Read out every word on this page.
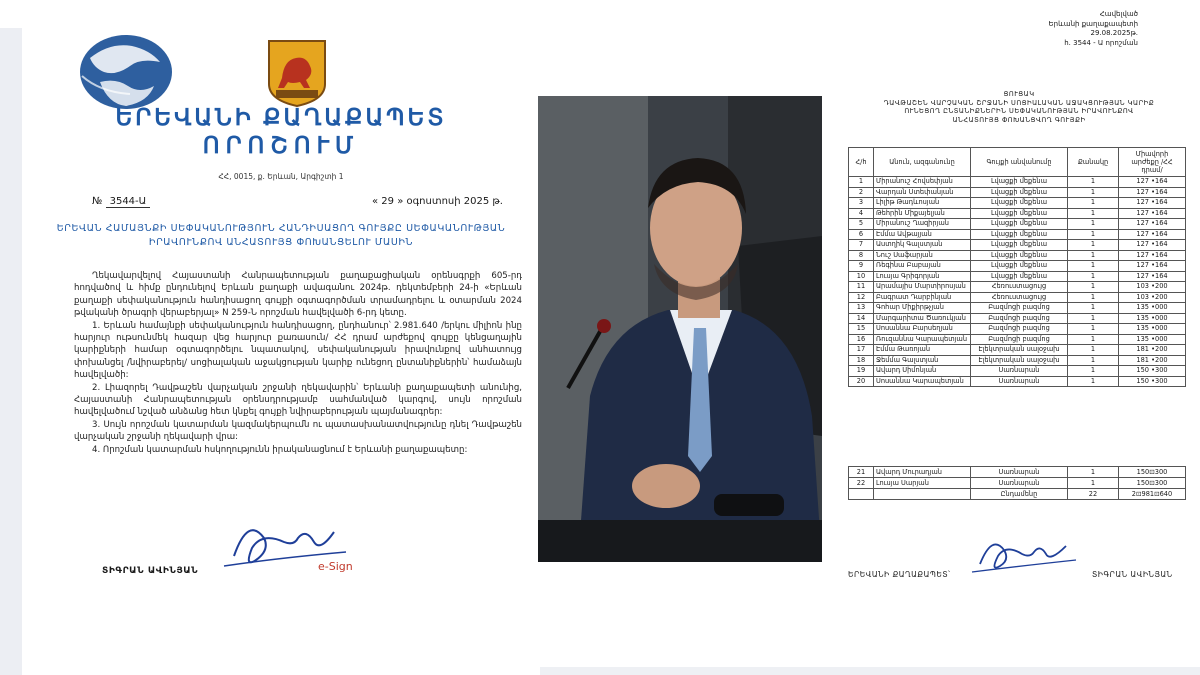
ԵՐԵՎԱՆԻ ՔԱՂԱՔԱՊԵՏ
ՈՐՈՇՈՒՄ
ՀՀ, 0015, ք. Երևան, Արգիշտի 1
№ 3544-Ա	« 29 » օգոստոսի 2025 թ.
ԵՐԵՎԱՆ ՀԱՄԱՅՆՔԻ ՍԵՓԱԿԱՆՈՒԹՅՈՒՆ ՀԱՆԴԻՍԱՑՈՂ ԳՈՒՅՔԸ ՍԵՓԱԿԱՆՈՒԹՅԱՆ ԻՐԱՎՈՒՆՔՈՎ ԱՆՀԱՏՈՒՅՑ ՓՈԽԱՆՑԵԼՈՒ ՄԱՍԻՆ

Ղեկավարվելով Հայաստանի Հանրապետության քաղաքացիական օրենսգրքի 605-րդ հոդվածով և հիմք ընդունելով Երևան քաղաքի ավագանու 2024թ. դեկտեմբերի 24-ի «Երևան քաղաքի սեփականություն հանդիսացող գույքի օգտագործման տրամադրելու և օտարման 2024 թվականի ծրագրի վերաբերյալ» N 259-Ն որոշման հավելվածի 6-րդ կետը.

1. Երևան համայնքի սեփականություն հանդիսացող, ընդհանուր՝ 2.981.640 /երկու միլիոն ինը հարյուր ութսունմեկ հազար վեց հարյուր քառասուն/ ՀՀ դրամ արժեքով գույքը կենցաղային կարիքների համար օգտագործելու նպատակով, սեփականության իրավունքով անհատույց փոխանցել /նվիրաբերել/ սոցիալական աջակցության կարիք ունեցող ընտանիքներին՝ համաձայն հավելվածի:

2. Լիազորել Դավթաշեն վարչական շրջանի ղեկավարին՝ Երևանի քաղաքապետի անունից, Հայաստանի Հանրապետության օրենսդրությամբ սահմանված կարգով, սույն որոշման հավելվածում նշված անձանց հետ կնքել գույքի նվիրաբերության պայմանագրեր:

3. Սույն որոշման կատարման կազմակերպումն ու պատասխանատվությունը դնել Դավթաշեն վարչական շրջանի ղեկավարի վրա:

4. Որոշման կատարման հսկողությունն իրականացնում է Երևանի քաղաքապետը:

e-Sign
ՏԻԳՐԱՆ ԱՎԻՆՅԱՆ
Հավելված
Երևանի քաղաքապետի
29.08.2025թ.
հ. 3544 - Ա որոշման
ՑՈՒՑԱԿ
ԴԱՎԹԱՇԵՆ ՎԱՐՉԱԿԱՆ ՇՐՋԱՆԻ ՍՈՑԻԱԼԱԿԱՆ ԱՋԱԿՑՈՒԹՅԱՆ ԿԱՐԻՔ
ՈՒՆԵՑՈՂ ԸՆՏԱՆԻՔՆԵՐԻՆ ՍԵՓԱԿԱՆՈՒԹՅԱՆ ԻՐԱՎՈՒՆՔՈՎ
ԱՆՀԱՏՈՒՅՑ ՓՈԽԱՆՑՎՈՂ ԳՈՒՅՔԻ
Հ/հ	Անուն, ազգանունը	Գույքի անվանումը	Քանակը	Միավորի արժեքը /ՀՀ դրամ/
1	Միրանուշ Հովսեփյան	Լվացքի մեքենա	1	127 •164
2	Վարդան Ստեփանյան	Լվացքի մեքենա	1	127 •164
3	Լիլիթ Թադևոսյան	Լվացքի մեքենա	1	127 •164
4	Թեհրին Միքայելյան	Լվացքի մեքենա	1	127 •164
5	Միրանուշ Ղազիրյան	Լվացքի մեքենա	1	127 •164
6	Էմմա Ավթայյան	Լվացքի մեքենա	1	127 •164
7	Աստղիկ Գալստյան	Լվացքի մեքենա	1	127 •164
8	Նուշ Սաֆարյան	Լվացքի մեքենա	1	127 •164
9	Ռեգինա Բաբայան	Լվացքի մեքենա	1	127 •164
10	Լուսյա Գրիգորյան	Լվացքի մեքենա	1	127 •164
11	Արամայիս Մարտիրոսյան	Հեռուստացույց	1	103 •200
12	Բագրատ Դարբինյան	Հեռուստացույց	1	103 •200
13	Գոհար Միքիրթչյան	Բազմոցի բազմոց	1	135 •000
14	Մարգարիտա Ծառուկյան	Բազմոցի բազմոց	1	135 •000
15	Սոսաննա Բարսեղյան	Բազմոցի բազմոց	1	135 •000
16	Ռուզաննա Կարապետյան	Բազմոցի բազմոց	1	135 •000
17	Էմմա Թառոյան	Էլեկտրական սալօջախ	1	181 •200
18	Ջեմմա Գալստյան	Էլեկտրական սալօջախ	1	181 •200
19	Ավարդ Սիմոնյան	Սառնարան	1	150 •300
20	Սոսաննա Կարապետյան	Սառնարան	1	150 •300
21	Ավարդ Մուրադյան	Սառնարան	1	150⊡300
22	Լուսյա Սարյան	Սառնարան	1	150⊡300
		Ընդամենը	22	2⊡981⊡640
ԵՐԵՎԱՆԻ ՔԱՂԱՔԱՊԵՏ՝	ՏԻԳՐԱՆ ԱՎԻՆՅԱՆ
